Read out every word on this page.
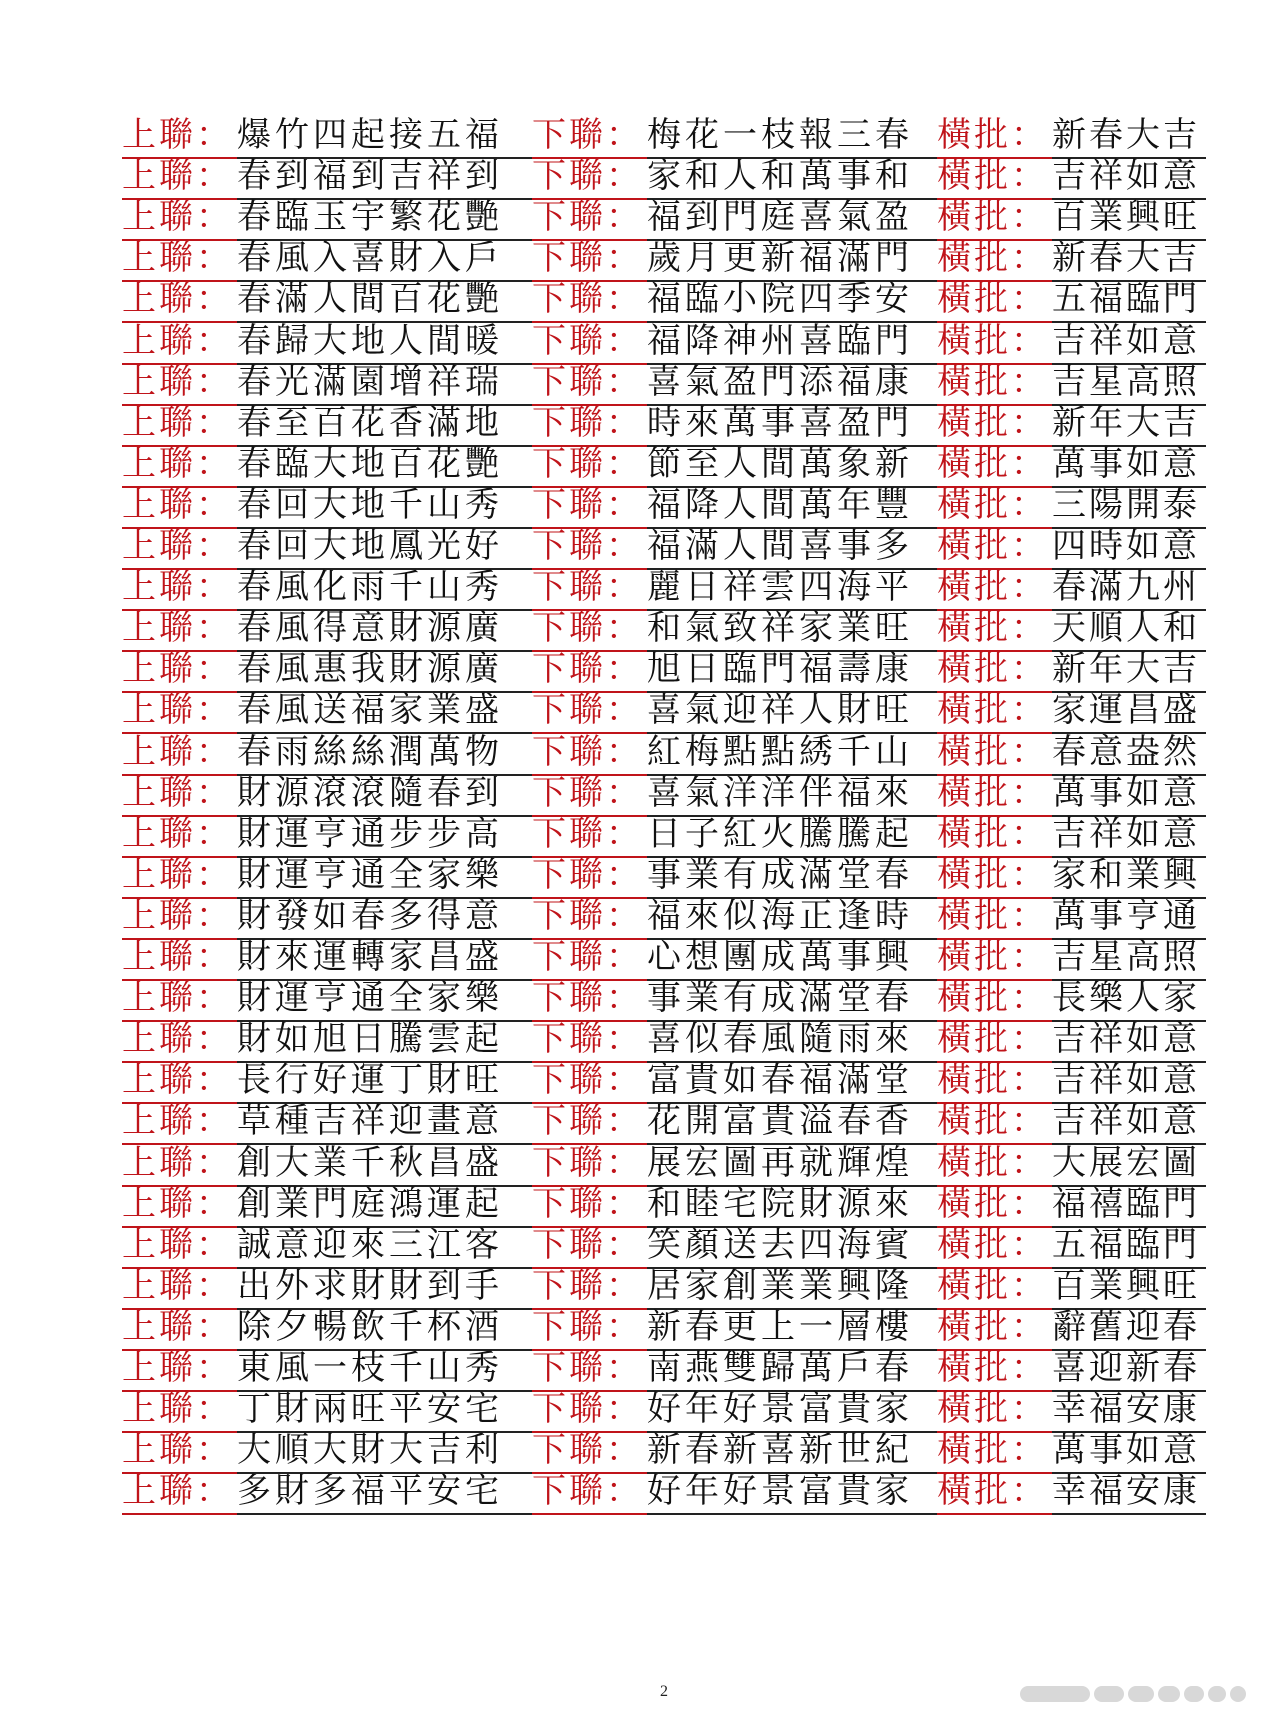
上聯： 爆竹四起接五福 下聯： 梅花一枝報三春 橫批： 新春大吉
上聯： 春到福到吉祥到 下聯： 家和人和萬事和 橫批： 吉祥如意
上聯： 春臨玉宇繁花艷 下聯： 福到門庭喜氣盈 橫批： 百業興旺
上聯： 春風入喜財入戶 下聯： 歲月更新福滿門 橫批： 新春大吉
上聯： 春滿人間百花艷 下聯： 福臨小院四季安 橫批： 五福臨門
上聯： 春歸大地人間暖 下聯： 福降神州喜臨門 橫批： 吉祥如意
上聯： 春光滿園增祥瑞 下聯： 喜氣盈門添福康 橫批： 吉星高照
上聯： 春至百花香滿地 下聯： 時來萬事喜盈門 橫批： 新年大吉
上聯： 春臨大地百花艷 下聯： 節至人間萬象新 橫批： 萬事如意
上聯： 春回大地千山秀 下聯： 福降人間萬年豐 橫批： 三陽開泰
上聯： 春回大地鳳光好 下聯： 福滿人間喜事多 橫批： 四時如意
上聯： 春風化雨千山秀 下聯： 麗日祥雲四海平 橫批： 春滿九州
上聯： 春風得意財源廣 下聯： 和氣致祥家業旺 橫批： 天順人和
上聯： 春風惠我財源廣 下聯： 旭日臨門福壽康 橫批： 新年大吉
上聯： 春風送福家業盛 下聯： 喜氣迎祥人財旺 橫批： 家運昌盛
上聯： 春雨絲絲潤萬物 下聯： 紅梅點點綉千山 橫批： 春意盎然
上聯： 財源滾滾隨春到 下聯： 喜氣洋洋伴福來 橫批： 萬事如意
上聯： 財運亨通步步高 下聯： 日子紅火騰騰起 橫批： 吉祥如意
上聯： 財運亨通全家樂 下聯： 事業有成滿堂春 橫批： 家和業興
上聯： 財發如春多得意 下聯： 福來似海正逢時 橫批： 萬事亨通
上聯： 財來運轉家昌盛 下聯： 心想團成萬事興 橫批： 吉星高照
上聯： 財運亨通全家樂 下聯： 事業有成滿堂春 橫批： 長樂人家
上聯： 財如旭日騰雲起 下聯： 喜似春風隨雨來 橫批： 吉祥如意
上聯： 長行好運丁財旺 下聯： 富貴如春福滿堂 橫批： 吉祥如意
上聯： 草種吉祥迎畫意 下聯： 花開富貴溢春香 橫批： 吉祥如意
上聯： 創大業千秋昌盛 下聯： 展宏圖再就輝煌 橫批： 大展宏圖
上聯： 創業門庭鴻運起 下聯： 和睦宅院財源來 橫批： 福禧臨門
上聯： 誠意迎來三江客 下聯： 笑顏送去四海賓 橫批： 五福臨門
上聯： 出外求財財到手 下聯： 居家創業業興隆 橫批： 百業興旺
上聯： 除夕暢飲千杯酒 下聯： 新春更上一層樓 橫批： 辭舊迎春
上聯： 東風一枝千山秀 下聯： 南燕雙歸萬戶春 橫批： 喜迎新春
上聯： 丁財兩旺平安宅 下聯： 好年好景富貴家 橫批： 幸福安康
上聯： 大順大財大吉利 下聯： 新春新喜新世紀 橫批： 萬事如意
上聯： 多財多福平安宅 下聯： 好年好景富貴家 橫批： 幸福安康
2
